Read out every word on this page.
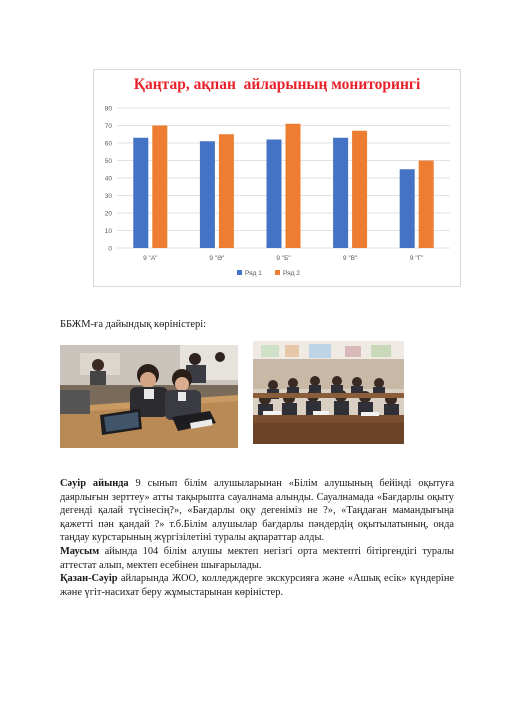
Қаңтар, ақпан  айларының мониторингі
0
10
20
30
40
50
60
70
80
9 "А"	9 "Ә"	9 "Б"	9 "В"	9 "Г"
Ряд 1	Ряд 2
ББЖМ-ға дайындық көріністері:

Сәуір айында 9 сынып білім алушыларынан «Білім алушының бейінді оқытуға даярлығын зерттеу» атты тақырыпта сауалнама алынды. Сауалнамада «Бағдарлы оқыту дегенді қалай түсінесің?», «Бағдарлы оқу дегеніміз не ?», «Таңдаған мамандығыңа қажетті пән қандай ?» т.б.Білім алушылар бағдарлы пәндердің оқытылатының, онда таңдау курстарының жүргізілетіні туралы ақпараттар алды.

Маусым айында 104 білім алушы мектеп негізгі орта мектепті бітіргендігі туралы аттестат алып, мектеп есебінен шығарылады.

Қазан-Сәуір айларында ЖОО, колледждерге экскурсияға және «Ашық есік» күндеріне және үгіт-насихат беру жұмыстарынан көріністер.
